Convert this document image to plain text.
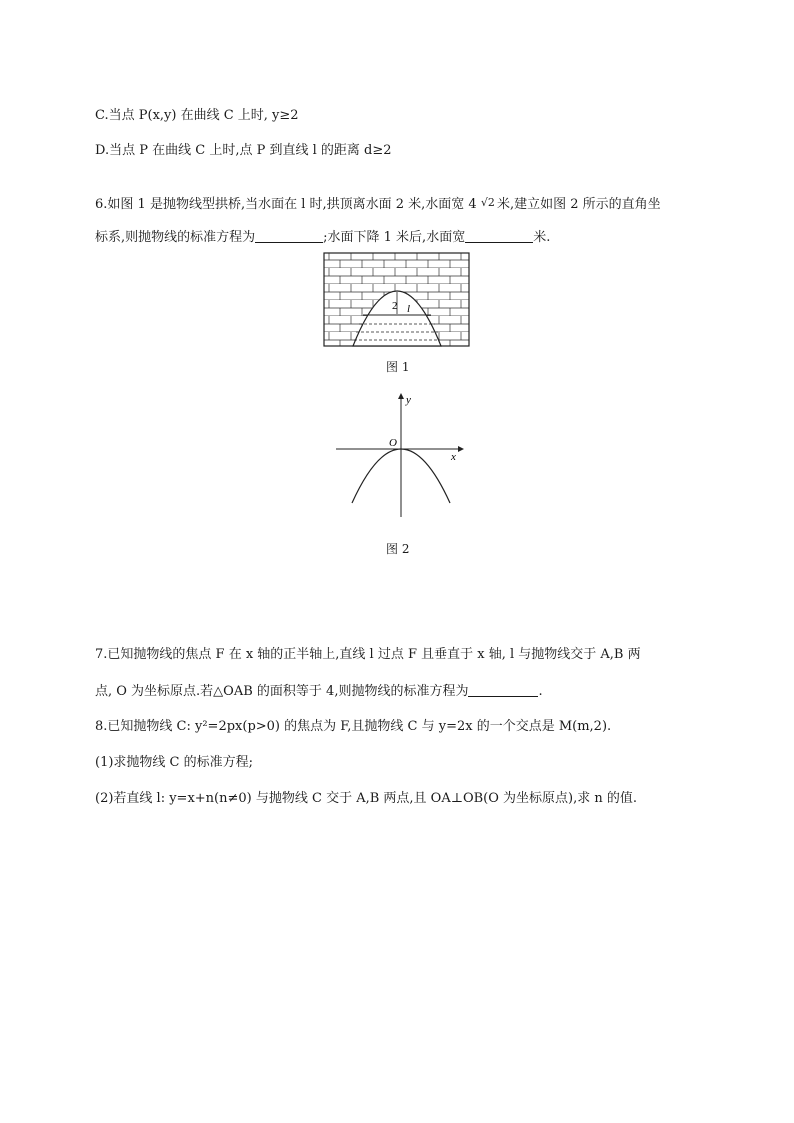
C.当点 P(x,y) 在曲线 C 上时, y≥2
D.当点 P 在曲线 C 上时,点 P 到直线 l 的距离 d≥2
6.如图 1 是抛物线型拱桥,当水面在 l 时,拱顶离水面 2 米,水面宽 4 √2 米,建立如图 2 所示的直角坐
标系,则抛物线的标准方程为	;水面下降 1 米后,水面宽	米.
2 l
图 1
O
x
y
图 2
7.已知抛物线的焦点 F 在 x 轴的正半轴上,直线 l 过点 F 且垂直于 x 轴, l 与抛物线交于 A,B 两
点, O 为坐标原点.若△OAB 的面积等于 4,则抛物线的标准方程为	.
8.已知抛物线 C: y²=2px(p>0) 的焦点为 F,且抛物线 C 与 y=2x 的一个交点是 M(m,2).
(1)求抛物线 C 的标准方程;
(2)若直线 l: y=x+n(n≠0) 与抛物线 C 交于 A,B 两点,且 OA⊥OB(O 为坐标原点),求 n 的值.
